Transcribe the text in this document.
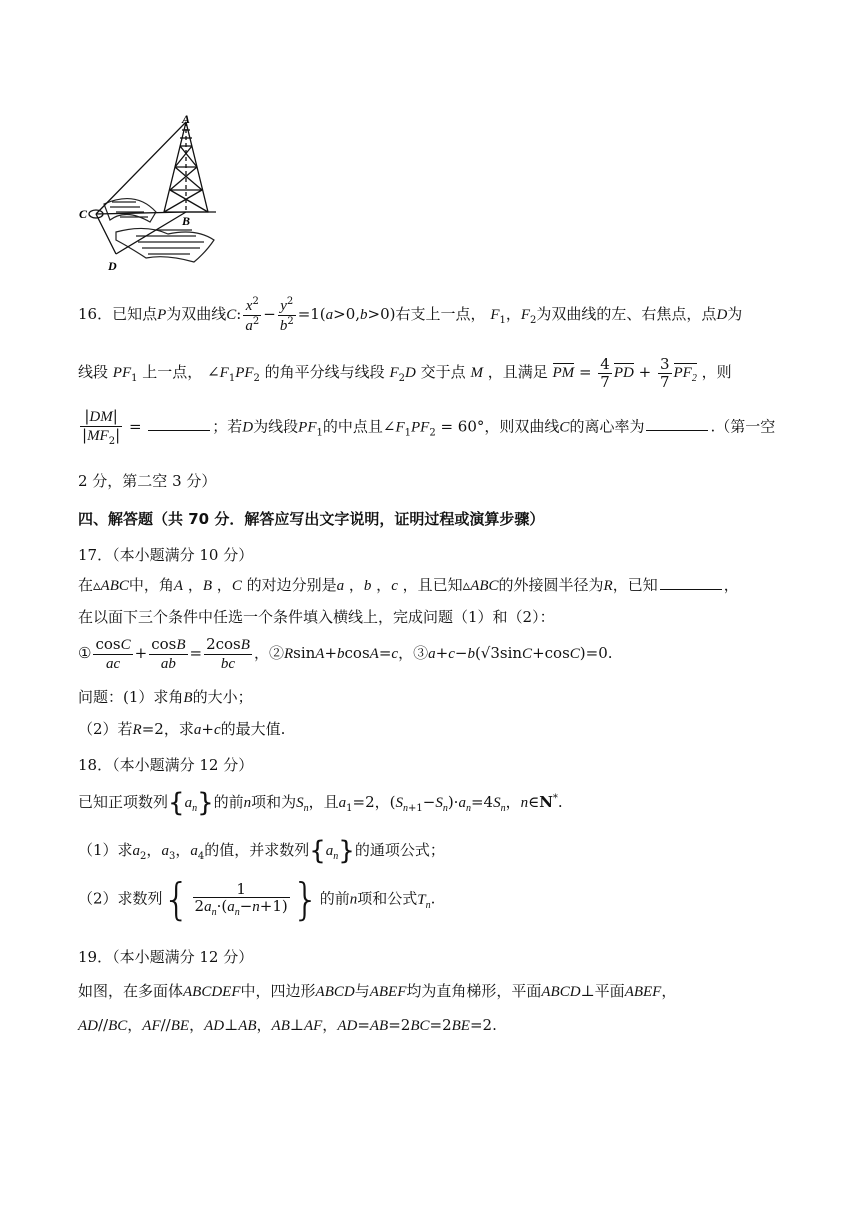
A
B
C
D
16．已知点P为双曲线C: $\frac{x^2}{a^2} - \frac{y^2}{b^2} =1(a>0,b>0)$右支上一点， $F_1$，$F_2$为双曲线的左、右焦点，点D为
线段 $PF_1$ 上一点， $\angle F_1PF_2$ 的角平分线与线段 $F_2D$ 交于点 M ，且满足 PM = $\frac{4}{7}$ PD + $\frac{3}{7} PF_2$ ，则
$\frac{|DM|}{|MF_2|}$ =	；若D为线段$PF_1$的中点且$\angle F_1PF_2 = 60^\circ$，则双曲线C的离心率为	.（第一空
2 分，第二空 3 分）
四、解答题（共 70 分．解答应写出文字说明，证明过程或演算步骤）
17．（本小题满分 10 分）
在▵ABC中，角A ，B ，C 的对边分别是a ，b ，c ，且已知▵ABC的外接圆半径为R，已知	，
在以面下三个条件中任选一个条件填入横线上，完成问题（1）和（2）：
① $\frac{\cos C}{ac} + \frac{\cos B}{ab} = \frac{2\cos B}{bc}$ ，②RsinA+bcosA=c，③a+c−b(√3sinC+cosC)=0.
问题：(1）求角B的大小；
（2）若R=2，求a+c的最大值.
18．（本小题满分 12 分）
已知正项数列$\{a_n\}$的前n项和为$S_n$，且$a_1=2$，$(S_{n+1}-S_n)\cdot a_n=4S_n$，n∈N*.
（1）求$a_2$，$a_3$，$a_4$的值，并求数列$\{a_n\}$的通项公式；
（2）求数列{ $\frac{1}{2a_n\cdot(a_n-n+1)}$ }的前n项和公式$T_n$.
19．（本小题满分 12 分）
如图，在多面体ABCDEF中，四边形ABCD与ABEF均为直角梯形，平面ABCD⊥平面ABEF，
AD//BC，AF//BE，AD⊥AB，AB⊥AF，AD=AB=2BC=2BE=2.
